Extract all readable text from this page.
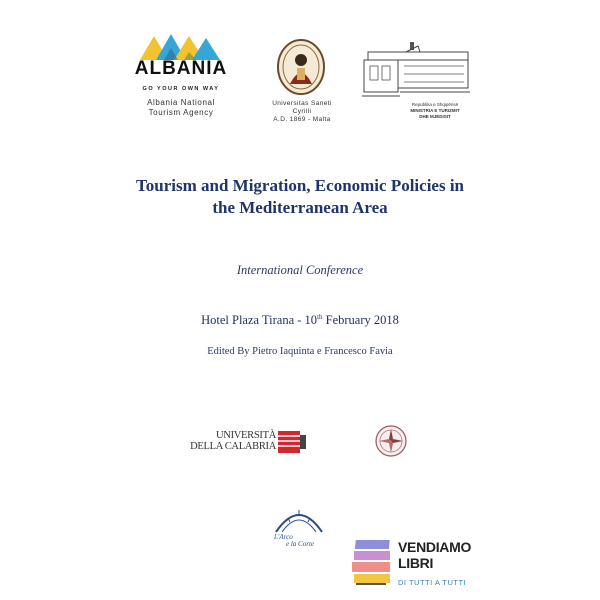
ALBANIA
GO YOUR OWN WAY
Albania National
Tourism Agency
Universitas Saneti
Cyrilli
A.D. 1869 - Malta
Republika e Shqipërisë
MINISTRIA E TURIZMIT
DHE MJEDISIT
Tourism and Migration, Economic Policies in
the Mediterranean Area
International Conference
Hotel Plaza Tirana - 10th February 2018
Edited By Pietro Iaquinta e Francesco Favia
UNIVERSITÀ
DELLA CALABRIA
L'Arco
e la Corte	VENDIAMO
LIBRI
DI TUTTI A TUTTI
